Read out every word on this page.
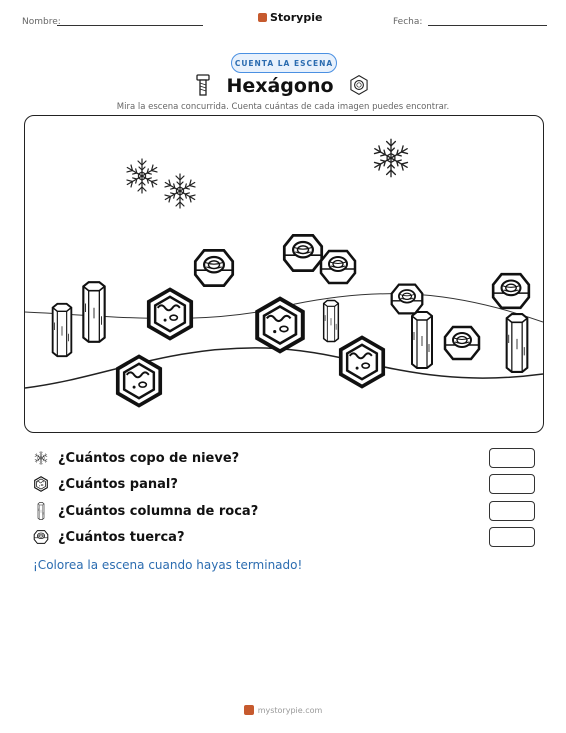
Nombre:	Storypie	Fecha:
CUENTA LA ESCENA
Hexágono
Mira la escena concurrida. Cuenta cuántas de cada imagen puedes encontrar.
¿Cuántos copo de nieve?
¿Cuántos panal?
¿Cuántos columna de roca?
¿Cuántos tuerca?
¡Colorea la escena cuando hayas terminado!
mystorypie.com
